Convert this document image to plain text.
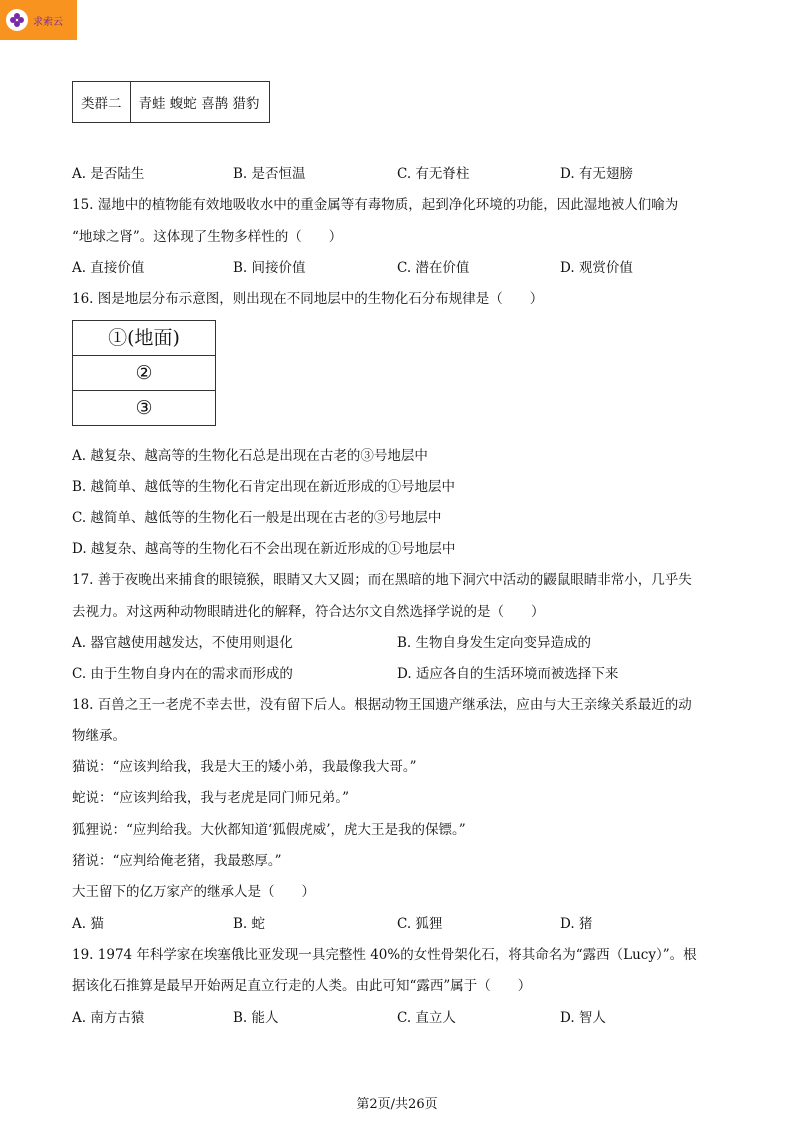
求索云
类群二	青蛙 蝮蛇 喜鹊 猎豹
A. 是否陆生	B. 是否恒温	C. 有无脊柱	D. 有无翅膀
15. 湿地中的植物能有效地吸收水中的重金属等有毒物质，起到净化环境的功能，因此湿地被人们喻为
“地球之肾”。这体现了生物多样性的（　　）
A. 直接价值	B. 间接价值	C. 潜在价值	D. 观赏价值
16. 图是地层分布示意图，则出现在不同地层中的生物化石分布规律是（　　）
①(地面)
②
③
A. 越复杂、越高等的生物化石总是出现在古老的③号地层中
B. 越简单、越低等的生物化石肯定出现在新近形成的①号地层中
C. 越简单、越低等的生物化石一般是出现在古老的③号地层中
D. 越复杂、越高等的生物化石不会出现在新近形成的①号地层中
17. 善于夜晚出来捕食的眼镜猴，眼睛又大又圆；而在黑暗的地下洞穴中活动的鼹鼠眼睛非常小，几乎失
去视力。对这两种动物眼睛进化的解释，符合达尔文自然选择学说的是（　　）
A. 器官越使用越发达，不使用则退化	B. 生物自身发生定向变异造成的
C. 由于生物自身内在的需求而形成的	D. 适应各自的生活环境而被选择下来
18. 百兽之王一老虎不幸去世，没有留下后人。根据动物王国遗产继承法，应由与大王亲缘关系最近的动
物继承。
猫说：“应该判给我，我是大王的矮小弟，我最像我大哥。”
蛇说：“应该判给我，我与老虎是同门师兄弟。”
狐狸说：“应判给我。大伙都知道‘狐假虎威’，虎大王是我的保镖。”
猪说：“应判给俺老猪，我最憨厚。”
大王留下的亿万家产的继承人是（　　）
A. 猫	B. 蛇	C. 狐狸	D. 猪
19. 1974 年科学家在埃塞俄比亚发现一具完整性 40%的女性骨架化石，将其命名为“露西（Lucy）”。根
据该化石推算是最早开始两足直立行走的人类。由此可知“露西”属于（　　）
A. 南方古猿	B. 能人	C. 直立人	D. 智人
第2页/共26页
